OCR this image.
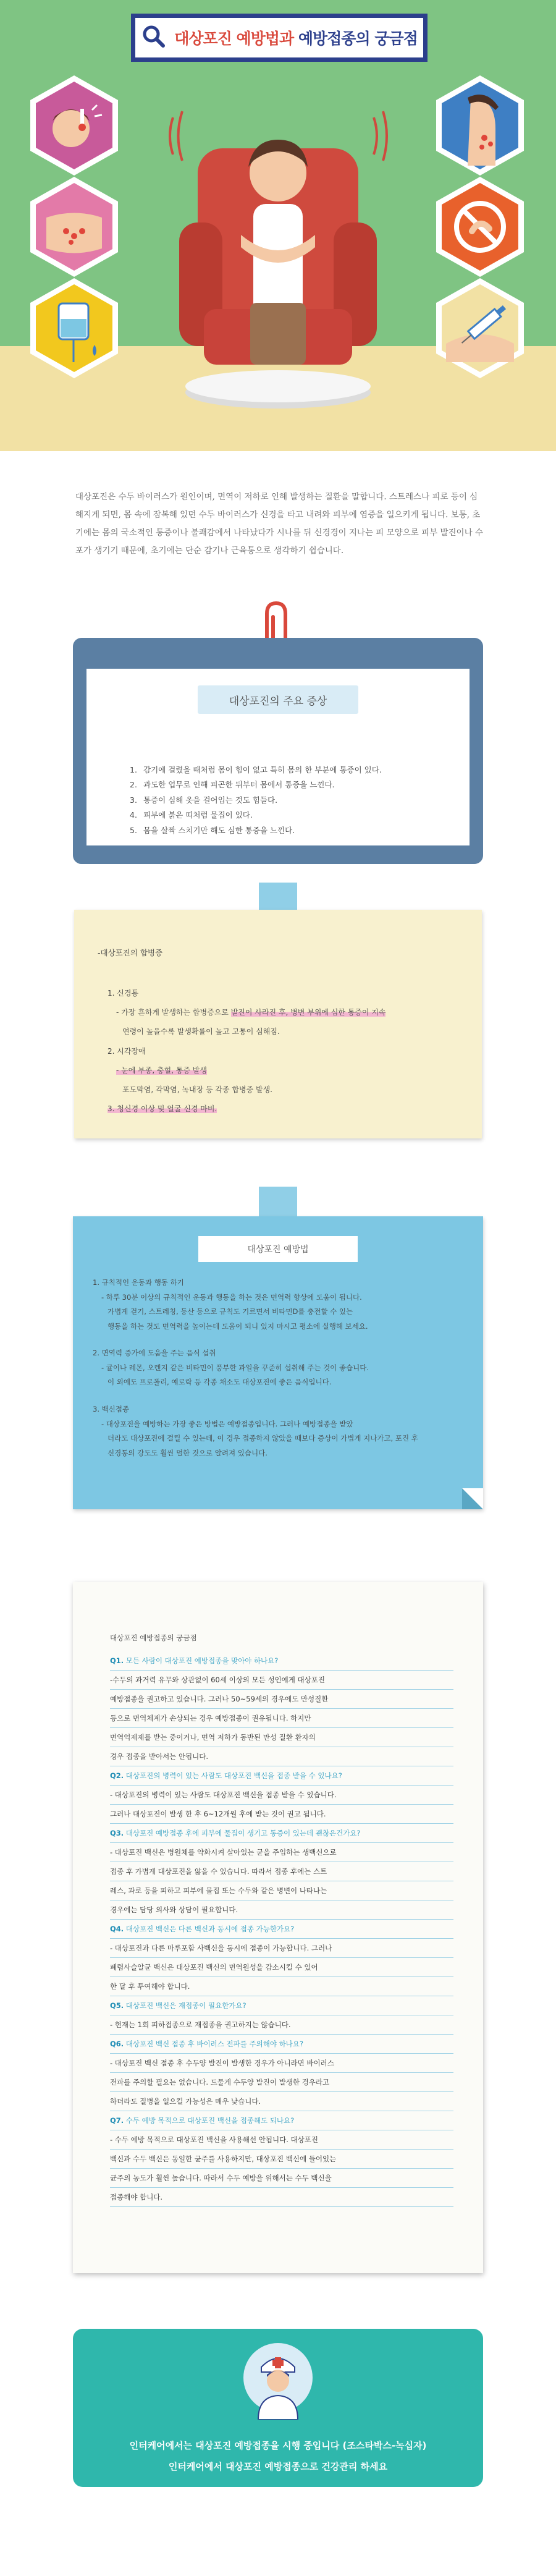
대상포진 예방법과 예방접종의 궁금점

대상포진은 수두 바이러스가 원인이며, 면역이 저하로 인해 발생하는 질환을 말합니다. 스트레스나 피로 등이 심해지게 되면, 몸 속에 잠복해 있던 수두 바이러스가 신경을 타고 내려와 피부에 염증을 일으키게 됩니다. 보통, 초기에는 몸의 국소적인 통증이나 불쾌감에서 나타났다가 시나를 뒤 신경경이 지나는 피 모양으로 피부 발진이나 수포가 생기기 때문에, 초기에는 단순 감기나 근육통으로 생각하기 쉽습니다.

대상포진의 주요 증상
1. 감기에 걸렸을 때처럼 몸이 힘이 없고 특히 몸의 한 부분에 통증이 있다.
2. 과도한 업무로 인해 피곤한 뒤부터 몸에서 통증을 느낀다.
3. 통증이 심해 옷을 걸어입는 것도 힘들다.
4. 피부에 붉은 띠처럼 물집이 있다.
5. 몸을 살짝 스치기만 해도 심한 통증을 느낀다.
-대상포진의 합병증
1. 신경통
- 가장 흔하게 발생하는 합병증으로 발진이 사라진 후, 병변 부위에 심한 통증이 지속
연령이 높을수록 발생확률이 높고 고통이 심해짐.
2. 시각장애
- 눈에 부종, 충혈, 통증 발생
포도막염, 각막염, 녹내장 등 각종 합병증 발생.
3. 청신경 이상 및 얼굴 신경 마비.
대상포진 예방법
1. 규칙적인 운동과 행동 하기
- 하루 30분 이상의 규칙적인 운동과 행동을 하는 것은 면역력 향상에 도움이 됩니다.
가볍게 걷기, 스트레칭, 등산 등으로 규칙도 기르면서 비타민D를 충전할 수 있는
행동을 하는 것도 면역력을 높이는데 도움이 되니 있지 마시고 평소에 실행해 보세요.
2. 면역력 증가에 도움을 주는 음식 섭취
- 귤이나 레몬, 오렌지 같은 비타민이 풍부한 과일을 꾸준히 섭취해 주는 것이 좋습니다.
이 외에도 프로폴리, 예로락 등 각종 채소도 대상포진에 좋은 음식입니다.
3. 백신접종
- 대상포진을 예방하는 가장 좋은 방법은 예방접종입니다. 그러나 예방접종을 받았
더라도 대상포진에 걸릴 수 있는데, 이 경우 접종하지 않았을 때보다 증상이 가볍게 지나가고, 포진 후
신경통의 강도도 훨씬 덜한 것으로 알려져 있습니다.
대상포진 예방접종의 궁금점
Q1. 모든 사람이 대상포진 예방접종을 맞아야 하나요?
-수두의 과거력 유무와 상관없이 60세 이상의 모든 성인에게 대상포진
예방접종을 권고하고 있습니다. 그러나 50~59세의 경우에도 만성질환
등으로 면역체계가 손상되는 경우 예방접종이 권유됩니다. 하지만
면역억제제를 받는 중이거나, 면역 저하가 동반된 만성 질환 환자의
경우 접종을 받아서는 안됩니다.
Q2. 대상포진의 병력이 있는 사람도 대상포진 백신을 접종 받을 수 있나요?
- 대상포진의 병력이 있는 사람도 대상포진 백신을 접종 받을 수 있습니다.
그러나 대상포진이 발생 한 후 6~12개월 후에 받는 것이 권고 됩니다.
Q3. 대상포진 예방접종 후에 피부에 물집이 생기고 통증이 있는데 괜찮은건가요?
- 대상포진 백신은 병원체를 약화시켜 살아있는 균을 주입하는 생백신으로
접종 후 가볍게 대상포진을 앓을 수 있습니다. 따라서 접종 후에는 스트
레스, 과로 등을 피하고 피부에 물집 또는 수두와 같은 병변이 나타나는
경우에는 담당 의사와 상담이 필요합니다.
Q4. 대상포진 백신은 다른 백신과 동시에 접종 가능한가요?
- 대상포진과 다른 마루포함 사백신을 동시에 접종이 가능합니다. 그러나
폐렴사슬알균 백신은 대상포진 백신의 면역원성을 감소시킬 수 있어
한 달 후 투여해야 합니다.
Q5. 대상포진 백신은 재접종이 필요한가요?
- 현재는 1회 피하접종으로 재접종을 권고하지는 않습니다.
Q6. 대상포진 백신 접종 후 바이러스 전파를 주의해야 하나요?
- 대상포진 백신 접종 후 수두양 발진이 발생한 경우가 아니라면 바이러스
전파를 주의할 필요는 없습니다. 드물게 수두양 발진이 발생한 경우라고
하더라도 질병을 일으킬 가능성은 매우 낮습니다.
Q7. 수두 예방 목적으로 대상포진 백신을 접종해도 되나요?
- 수두 예방 목적으로 대상포진 백신을 사용해선 안됩니다. 대상포진
백신과 수두 백신은 동일한 균주를 사용하지만, 대상포진 백신에 들어있는
균주의 농도가 훨씬 높습니다. 따라서 수두 예방을 위해서는 수두 백신을
접종해야 합니다.
인터케어에서는 대상포진 예방접종을 시행 중입니다 (조스타박스-녹십자)
인터케어에서 대상포진 예방접종으로 건강관리 하세요
